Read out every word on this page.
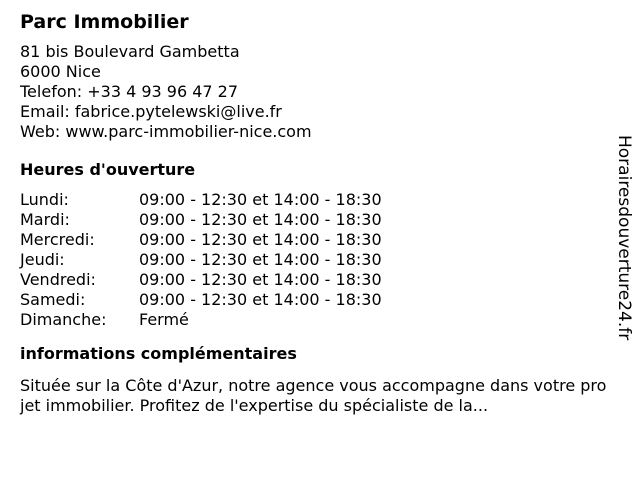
Parc Immobilier
81 bis Boulevard Gambetta
6000 Nice
Telefon: +33 4 93 96 47 27
Email: fabrice.pytelewski@live.fr
Web: www.parc-immobilier-nice.com
Heures d'ouverture
Lundi:	09:00 - 12:30 et 14:00 - 18:30
Mardi:	09:00 - 12:30 et 14:00 - 18:30
Mercredi:	09:00 - 12:30 et 14:00 - 18:30
Jeudi:	09:00 - 12:30 et 14:00 - 18:30
Vendredi:	09:00 - 12:30 et 14:00 - 18:30
Samedi:	09:00 - 12:30 et 14:00 - 18:30
Dimanche:	Fermé
informations complémentaires
Située sur la Côte d'Azur, notre agence vous accompagne dans votre projet immobilier. Profitez de l'expertise du spécialiste de la...
Horairesdouverture24.fr
